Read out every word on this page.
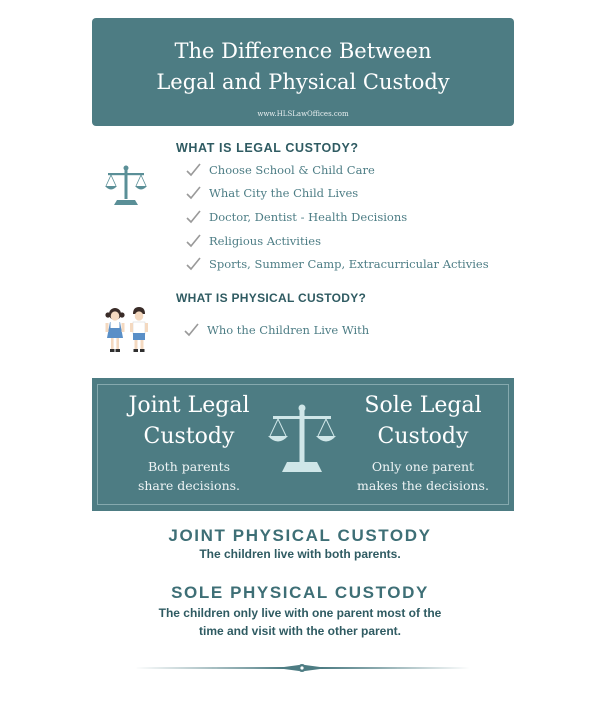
The Difference Between
Legal and Physical Custody
www.HLSLawOffices.com
WHAT IS LEGAL CUSTODY?
Choose School & Child Care
What City the Child Lives
Doctor, Dentist - Health Decisions
Religious Activities
Sports, Summer Camp, Extracurricular Activies
WHAT IS PHYSICAL CUSTODY?
Who the Children Live With
Joint Legal
Custody
Both parents
share decisions.
Sole Legal
Custody
Only one parent
makes the decisions.
JOINT PHYSICAL CUSTODY
The children live with both parents.
SOLE PHYSICAL CUSTODY
The children only live with one parent most of the
time and visit with the other parent.
